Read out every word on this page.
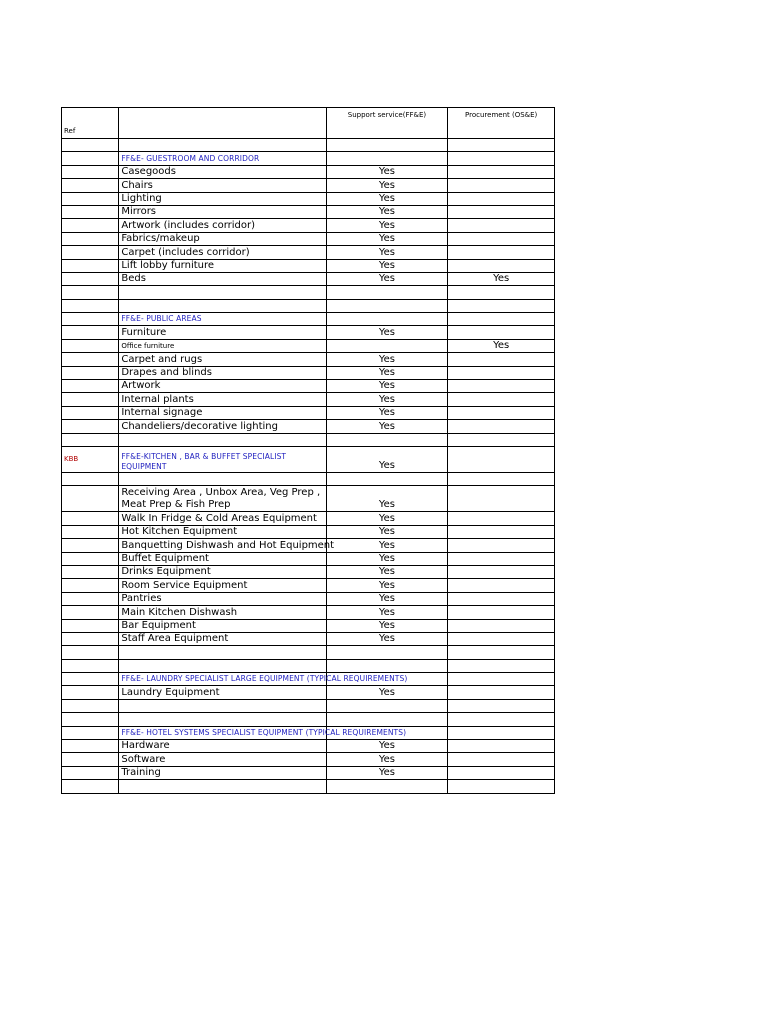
Ref		Support service(FF&E)	Procurement (OS&E)

	FF&E- GUESTROOM AND CORRIDOR		
	Casegoods	Yes	
	Chairs	Yes	
	Lighting	Yes	
	Mirrors	Yes	
	Artwork (includes corridor)	Yes	
	Fabrics/makeup	Yes	
	Carpet (includes corridor)	Yes	
	Lift lobby furniture	Yes	
	Beds	Yes	Yes

	FF&E- PUBLIC AREAS		
	Furniture	Yes	
	Office furniture		Yes
	Carpet and rugs	Yes	
	Drapes and blinds	Yes	
	Artwork	Yes	
	Internal plants	Yes	
	Internal signage	Yes	
	Chandeliers/decorative lighting	Yes	

KBB	FF&E-KITCHEN , BAR & BUFFET SPECIALIST EQUIPMENT	Yes	

	Receiving Area , Unbox Area, Veg Prep , Meat Prep & Fish Prep	Yes	
	Walk In Fridge & Cold Areas Equipment	Yes	
	Hot Kitchen Equipment	Yes	
	Banquetting Dishwash and Hot Equipment	Yes	
	Buffet Equipment	Yes	
	Drinks Equipment	Yes	
	Room Service Equipment	Yes	
	Pantries	Yes	
	Main Kitchen Dishwash	Yes	
	Bar Equipment	Yes	
	Staff Area Equipment	Yes	

	FF&E- LAUNDRY SPECIALIST LARGE EQUIPMENT (TYPICAL REQUIREMENTS)		
	Laundry Equipment	Yes	

	FF&E- HOTEL SYSTEMS SPECIALIST EQUIPMENT (TYPICAL REQUIREMENTS)		
	Hardware	Yes	
	Software	Yes	
	Training	Yes	
